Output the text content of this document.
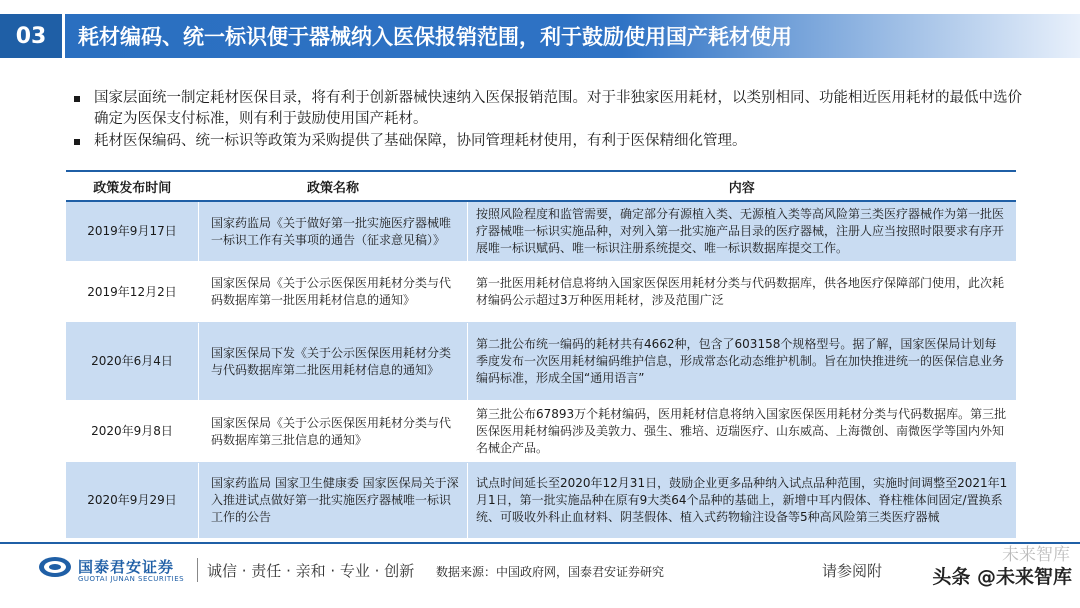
03	耗材编码、统一标识便于器械纳入医保报销范围，利于鼓励使用国产耗材使用
国家层面统一制定耗材医保目录，将有利于创新器械快速纳入医保报销范围。对于非独家医用耗材，以类别相同、功能相近医用耗材的最低中选价确定为医保支付标准，则有利于鼓励使用国产耗材。
耗材医保编码、统一标识等政策为采购提供了基础保障，协同管理耗材使用，有利于医保精细化管理。
政策发布时间	政策名称	内容
2019年9月17日	国家药监局《关于做好第一批实施医疗器械唯一标识工作有关事项的通告（征求意见稿）》	按照风险程度和监管需要，确定部分有源植入类、无源植入类等高风险第三类医疗器械作为第一批医疗器械唯一标识实施品种，对列入第一批实施产品目录的医疗器械，注册人应当按照时限要求有序开展唯一标识赋码、唯一标识注册系统提交、唯一标识数据库提交工作。
2019年12月2日	国家医保局《关于公示医保医用耗材分类与代码数据库第一批医用耗材信息的通知》	第一批医用耗材信息将纳入国家医保医用耗材分类与代码数据库，供各地医疗保障部门使用，此次耗材编码公示超过3万种医用耗材，涉及范围广泛
2020年6月4日	国家医保局下发《关于公示医保医用耗材分类与代码数据库第二批医用耗材信息的通知》	第二批公布统一编码的耗材共有4662种，包含了603158个规格型号。据了解，国家医保局计划每季度发布一次医用耗材编码维护信息，形成常态化动态维护机制。旨在加快推进统一的医保信息业务编码标准，形成全国“通用语言”
2020年9月8日	国家医保局《关于公示医保医用耗材分类与代码数据库第三批信息的通知》	第三批公布67893万个耗材编码，医用耗材信息将纳入国家医保医用耗材分类与代码数据库。第三批医保医用耗材编码涉及美敦力、强生、雅培、迈瑞医疗、山东威高、上海微创、南微医学等国内外知名械企产品。
2020年9月29日	国家药监局 国家卫生健康委 国家医保局关于深入推进试点做好第一批实施医疗器械唯一标识工作的公告	试点时间延长至2020年12月31日，鼓励企业更多品种纳入试点品种范围，实施时间调整至2021年1月1日，第一批实施品种在原有9大类64个品种的基础上，新增中耳内假体、脊柱椎体间固定/置换系统、可吸收外科止血材料、阴茎假体、植入式药物输注设备等5种高风险第三类医疗器械
国泰君安证券
GUOTAI JUNAN SECURITIES 诚信 · 责任 · 亲和 · 专业 · 创新 数据来源：中国政府网，国泰君安证券研究	请参阅附
未来智库
头条 @未来智库
